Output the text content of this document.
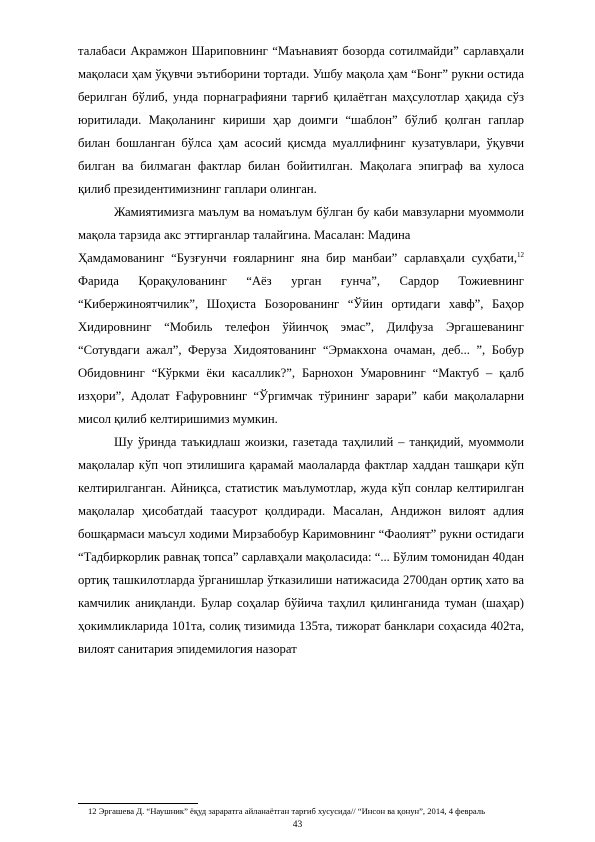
талабаси Акрамжон Шариповнинг “Маънавият бозорда сотилмайди” сарлавҳали мақоласи ҳам ўқувчи эътиборини тортади. Ушбу мақола ҳам “Бонг” рукни остида берилган бўлиб, унда порнаграфияни тарғиб қилаётган маҳсулотлар ҳақида сўз юритилади. Мақоланинг кириши ҳар доимги “шаблон” бўлиб қолган гаплар билан бошланган бўлса ҳам асосий қисмда муаллифнинг кузатувлари, ўқувчи билган ва билмаган фактлар билан бойитилган. Мақолага эпиграф ва хулоса қилиб президентимизнинг гаплари олинган.

Жамиятимизга маълум ва номаълум бўлган бу каби мавзуларни муоммоли мақола тарзида акс эттирганлар талайгина. Масалан: Мадина

Ҳамдамованинг “Бузғунчи ғояларнинг яна бир манбаи” сарлавҳали суҳбати,$^{12}$ Фарида Қорақулованинг “Аёз урган ғунча”, Сардор Тожиевнинг “Кибержиноятчилик”, Шоҳиста Бозорованинг “Ўйин ортидаги хавф”, Баҳор Хидировнинг “Мобиль телефон ўйинчоқ эмас”, Дилфуза Эргашеванинг “Сотувдаги ажал”, Феруза Хидоятованинг “Эрмакхона очаман, деб... ”, Бобур Обидовнинг “Кўркми ёки касаллик?”, Барнохон Умаровнинг “Мактуб – қалб изҳори”, Адолат Ғафуровнинг “Ўргимчак тўрининг зарари” каби мақолаларни мисол қилиб келтиришимиз мумкин.

Шу ўринда таъкидлаш жоизки, газетада таҳлилий – танқидий, муоммоли мақолалар кўп чоп этилишига қарамай маолаларда фактлар хаддан ташқари кўп келтирилганган. Айниқса, статистик маълумотлар, жуда кўп сонлар келтирилган мақолалар ҳисобатдай таасурот қолдиради. Масалан, Андижон вилоят адлия бошқармаси маъсул ходими Мирзабобур Каримовнинг “Фаолият” рукни остидаги “Тадбиркорлик равнақ топса” сарлавҳали мақоласида: “... Бўлим томонидан 40дан ортиқ ташкилотларда ўрганишлар ўтказилиши натижасида 2700дан ортиқ хато ва камчилик аниқланди. Булар соҳалар бўйича таҳлил қилинганида туман (шаҳар) ҳокимликларида 101та, солиқ тизимида 135та, тижорат банклари соҳасида 402та, вилоят санитария эпидемилогия назорат

12 Эргашева Д. “Наушник” ёқуд зараратга айланаётган тарғиб хусусида// “Инсон ва қонун”, 2014, 4 февраль
43
